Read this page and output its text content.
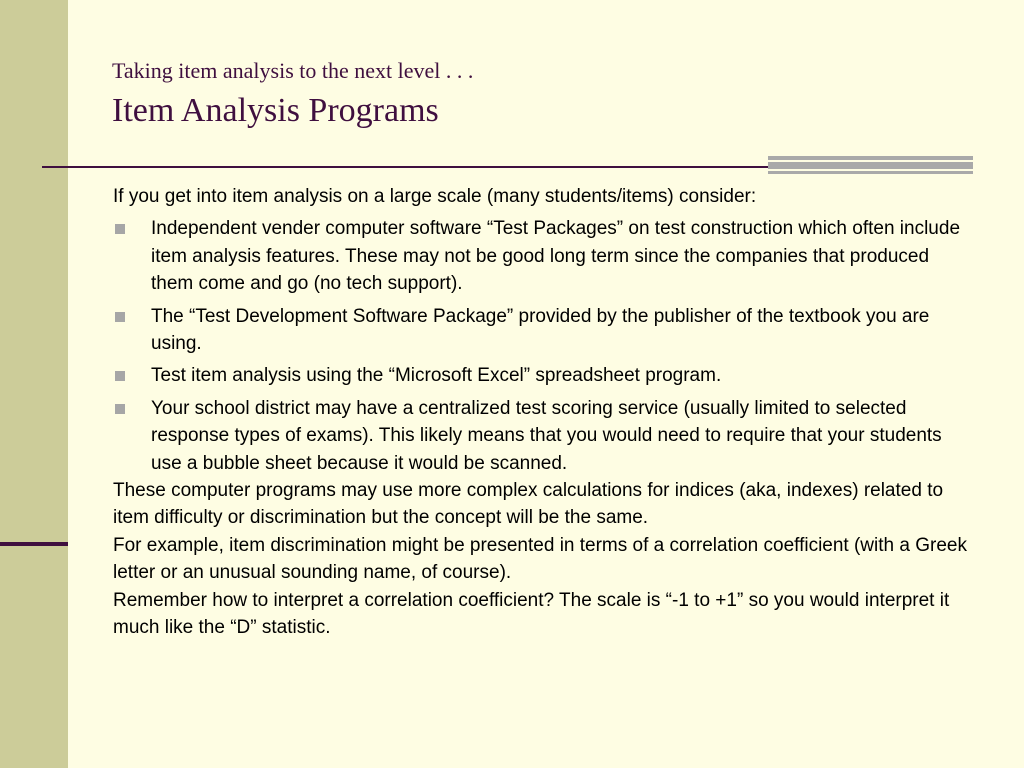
Taking item analysis to the next level . . .
Item Analysis Programs

If you get into item analysis on a large scale (many students/items) consider:

Independent vender computer software “Test Packages” on test construction which often include item analysis features. These may not be good long term since the companies that produced them come and go (no tech support).
The “Test Development Software Package” provided by the publisher of the textbook you are using.
Test item analysis using the “Microsoft Excel” spreadsheet program.
Your school district may have a centralized test scoring service (usually limited to selected response types of exams). This likely means that you would need to require that your students use a bubble sheet because it would be scanned.

These computer programs may use more complex calculations for indices (aka, indexes) related to item difficulty or discrimination but the concept will be the same.

For example, item discrimination might be presented in terms of a correlation coefficient (with a Greek letter or an unusual sounding name, of course).

Remember how to interpret a correlation coefficient? The scale is “-1 to +1” so you would interpret it much like the “D” statistic.
